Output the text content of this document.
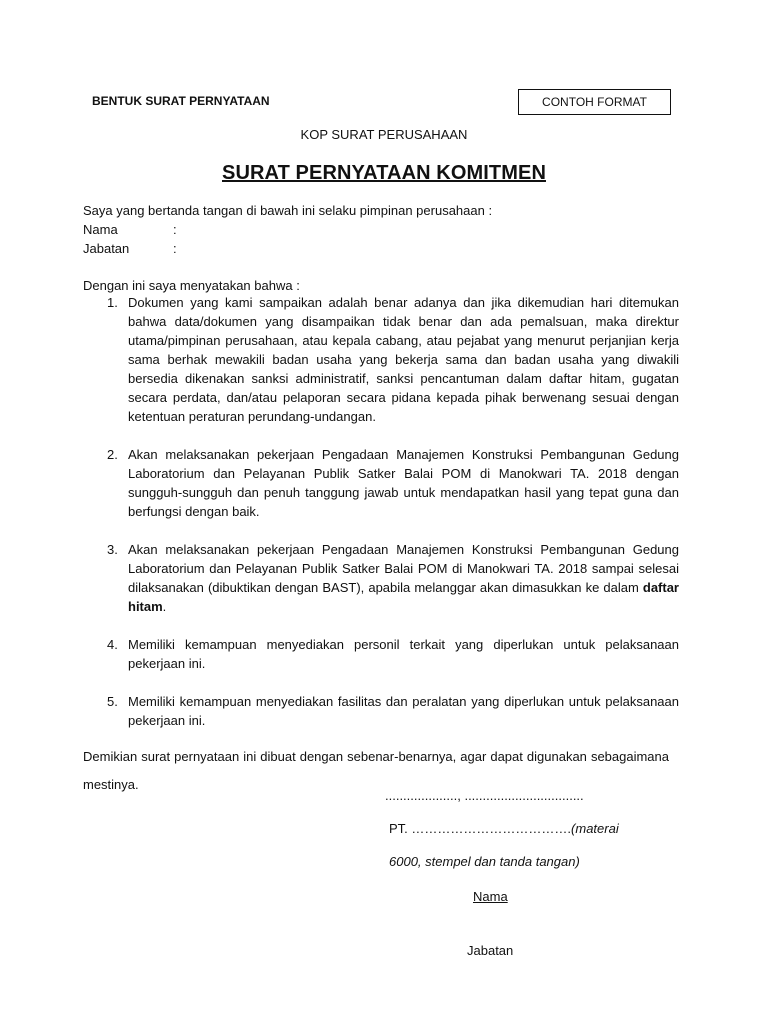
BENTUK SURAT PERNYATAAN	CONTOH FORMAT
KOP SURAT PERUSAHAAN
SURAT PERNYATAAN KOMITMEN
Saya yang bertanda tangan di bawah ini selaku pimpinan perusahaan :
Nama	:
Jabatan	:
Dengan ini saya menyatakan bahwa :
1. Dokumen yang kami sampaikan adalah benar adanya dan jika dikemudian hari ditemukan bahwa data/dokumen yang disampaikan tidak benar dan ada pemalsuan, maka direktur utama/pimpinan perusahaan, atau kepala cabang, atau pejabat yang menurut perjanjian kerja sama berhak mewakili badan usaha yang bekerja sama dan badan usaha yang diwakili bersedia dikenakan sanksi administratif, sanksi pencantuman dalam daftar hitam, gugatan secara perdata, dan/atau pelaporan secara pidana kepada pihak berwenang sesuai dengan ketentuan peraturan perundang-undangan.
2. Akan melaksanakan pekerjaan Pengadaan Manajemen Konstruksi Pembangunan Gedung Laboratorium dan Pelayanan Publik Satker Balai POM di Manokwari TA. 2018 dengan sungguh-sungguh dan penuh tanggung jawab untuk mendapatkan hasil yang tepat guna dan berfungsi dengan baik.
3. Akan melaksanakan pekerjaan Pengadaan Manajemen Konstruksi Pembangunan Gedung Laboratorium dan Pelayanan Publik Satker Balai POM di Manokwari TA. 2018 sampai selesai dilaksanakan (dibuktikan dengan BAST), apabila melanggar akan dimasukkan ke dalam daftar hitam.
4. Memiliki kemampuan menyediakan personil terkait yang diperlukan untuk pelaksanaan pekerjaan ini.
5. Memiliki kemampuan menyediakan fasilitas dan peralatan yang diperlukan untuk pelaksanaan pekerjaan ini.
Demikian surat pernyataan ini dibuat dengan sebenar-benarnya, agar dapat digunakan sebagaimana mestinya.
...................., .................................
PT. ……………………………….(materai
6000, stempel dan tanda tangan)
Nama
Jabatan
